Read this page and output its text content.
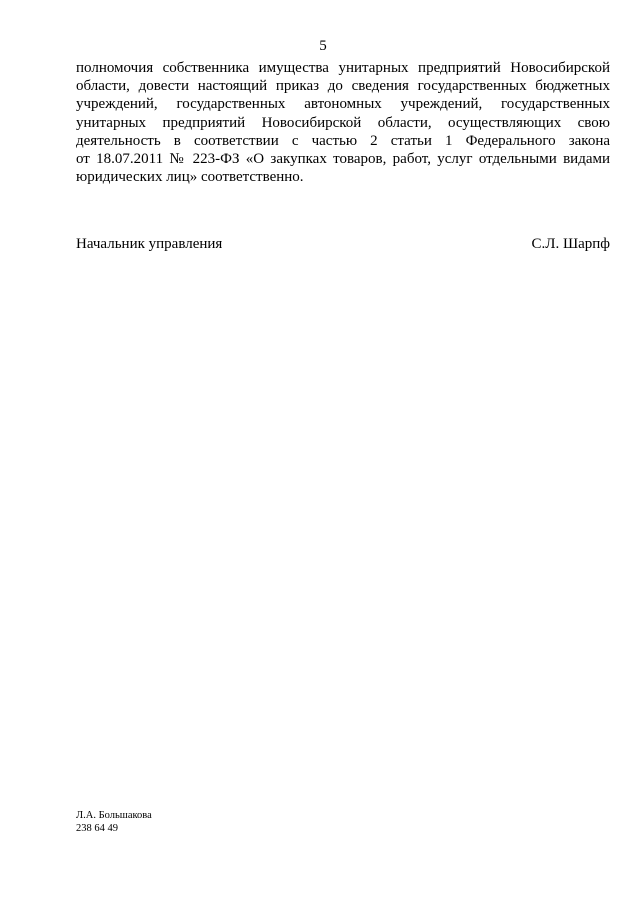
5
полномочия собственника имущества унитарных предприятий Новосибирской
области, довести настоящий приказ до сведения государственных бюджетных
учреждений, государственных автономных учреждений, государственных
унитарных предприятий Новосибирской области, осуществляющих свою
деятельность в соответствии с частью 2 статьи 1 Федерального закона
от 18.07.2011 № 223-ФЗ «О закупках товаров, работ, услуг отдельными видами
юридических лиц» соответственно.
Начальник управления	С.Л. Шарпф
Л.А. Большакова
238 64 49
